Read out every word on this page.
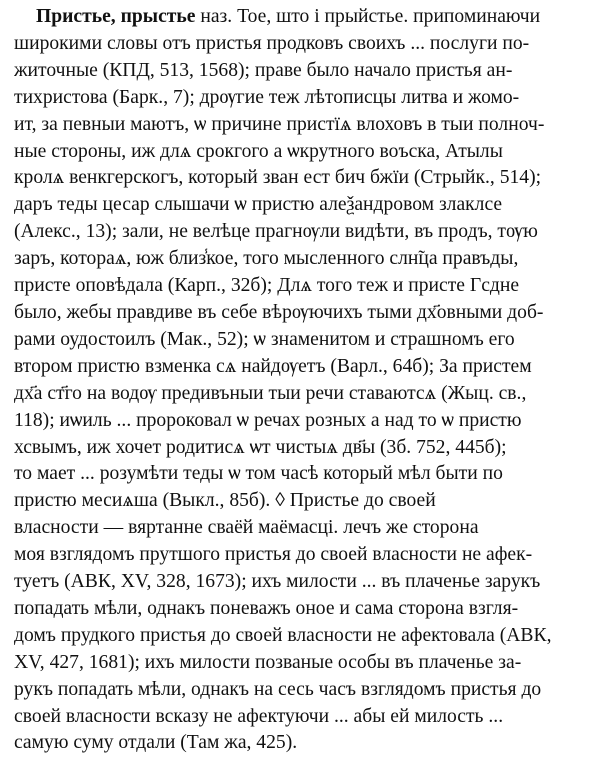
Пристье, прыстье наз. Тое, што і прыйстье. припоминаючи
широкими словы отъ пристья продковъ своихъ ... послуги по-
житочные (КПД, 513, 1568); праве было начало пристья ан-
тихристова (Барк., 7); дрѹгие теж лѣтописцы литва и жомо-
ит, за певныи маютъ, ѡ причине пристїѧ влоховъ в тыи полноч-
ные стороны, иж длѧ срокгого а ѡкрутного воъска, Атылы
кролѧ венкгерскогъ, который зван ест бич бжїи (Стрыйк., 514);
даръ теды цесар слышачи ѡ пристю алеѯандровом злаклсе
(Алекс., 13); зали, не велѣце прагнѹли видѣти, въ продъ, тѹю
заръ, котораѧ, юж близ̾кое, того мысленного слн̃ца правъды,
присте оповѣдала (Карп., 32б); Длѧ того теж и присте Гсдне
было, жебы правдиве въ себе вѣрѹючихъ тыми дх҃овными доб-
рами оудостоилъ (Мак., 52); ѡ знаменитом и страшномъ его
втором пристю взменка сѧ найдѹетъ (Варл., 64б); За пристем
дх҃а ст҃го на водѹ предивъныи тыи речи ставаютсѧ (Жыц. св.,
118); иѡиль ... пророковал ѡ речах розных а над то ѡ пристю
хсвымъ, иж хочет родитисѧ ѡт чистыѧ дв҃ы (3б. 752, 445б);
то мает ... розумѣти теды ѡ том часѣ который мѣл быти по
пристю месиѧша (Выкл., 85б). ◊ Пристье до своей
власности — вяртанне сваёй маёмасці. лечъ же сторона
моя взглядомъ прутшого пристья до своей власности не афек-
туетъ (АВК, XV, 328, 1673); ихъ милости ... въ плаченье зарукъ
попадать мѣли, однакъ поневажъ оное и сама сторона взгля-
домъ прудкого пристья до своей власности не афектовала (АВК,
XV, 427, 1681); ихъ милости позваные особы въ плаченье за-
рукъ попадать мѣли, однакъ на сесь часъ взглядомъ пристья до
своей власности всказу не афектуючи ... абы ей милость ...
самую суму отдали (Там жа, 425).
